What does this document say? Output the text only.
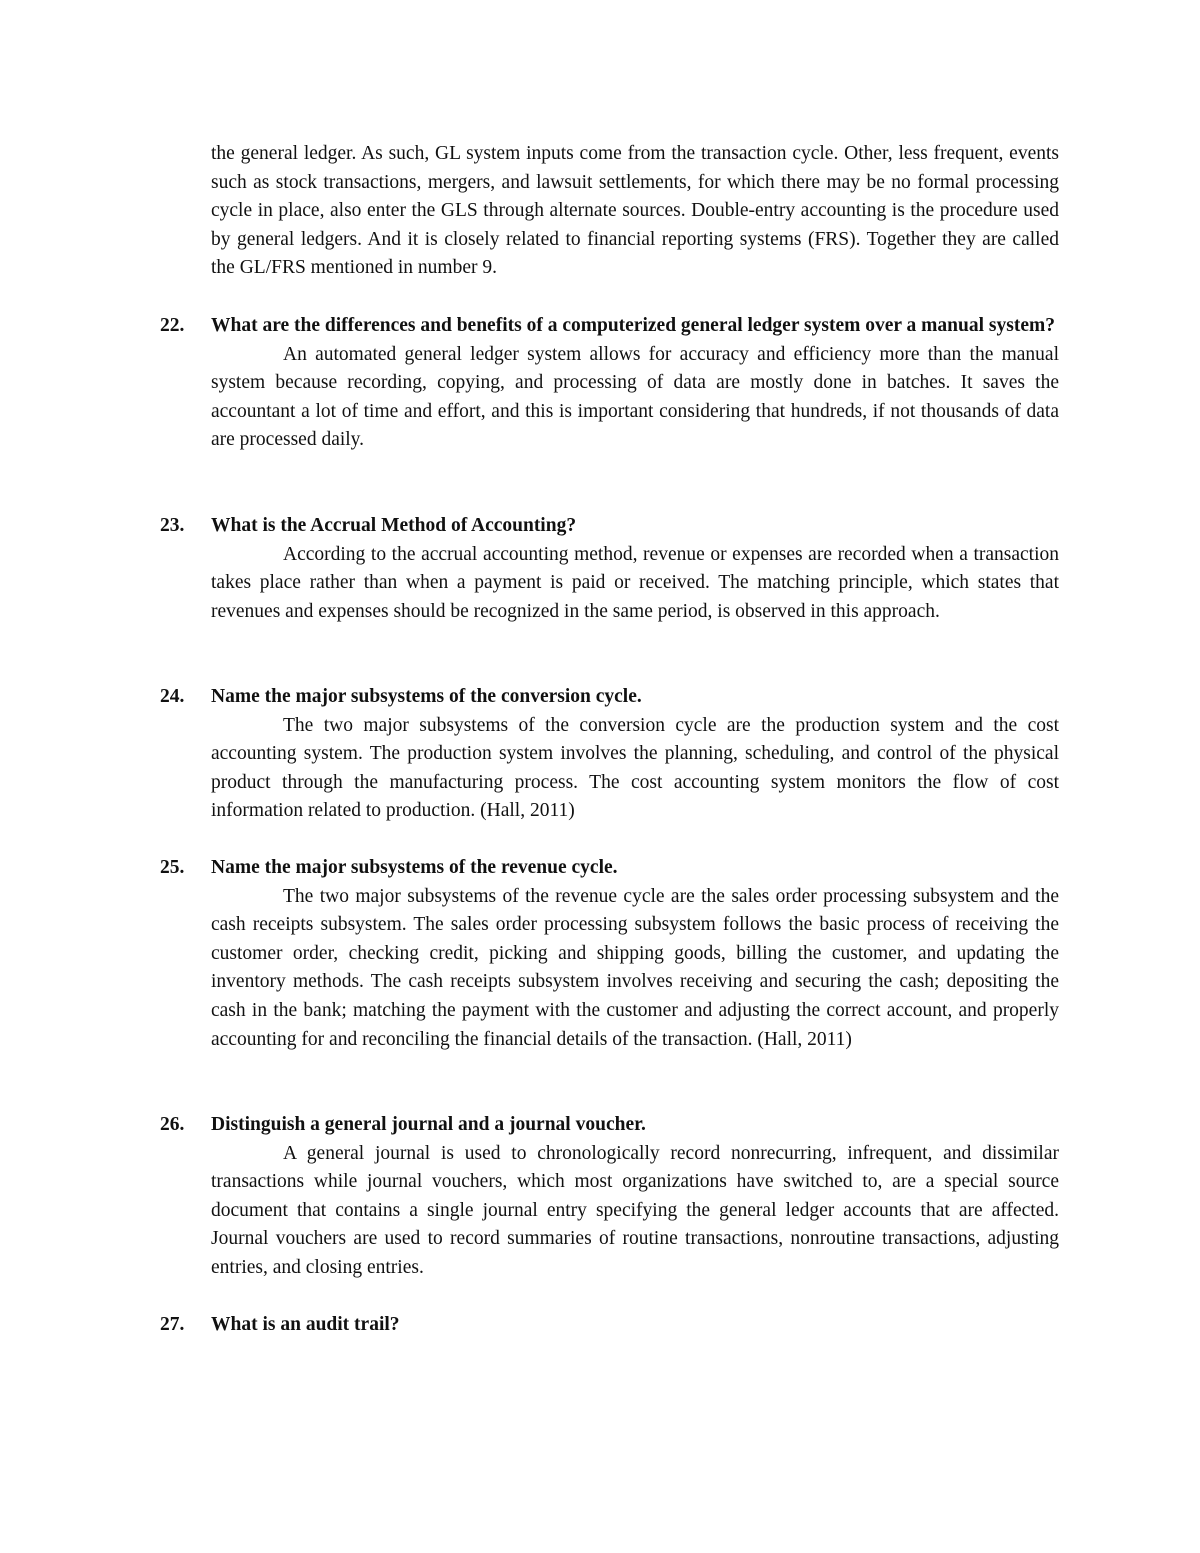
the general ledger. As such, GL system inputs come from the transaction cycle. Other, less frequent, events such as stock transactions, mergers, and lawsuit settlements, for which there may be no formal processing cycle in place, also enter the GLS through alternate sources. Double-entry accounting is the procedure used by general ledgers. And it is closely related to financial reporting systems (FRS). Together they are called the GL/FRS mentioned in number 9.

22.	What are the differences and benefits of a computerized general ledger system over a manual system?

An automated general ledger system allows for accuracy and efficiency more than the manual system because recording, copying, and processing of data are mostly done in batches. It saves the accountant a lot of time and effort, and this is important considering that hundreds, if not thousands of data are processed daily.

23.	What is the Accrual Method of Accounting?

According to the accrual accounting method, revenue or expenses are recorded when a transaction takes place rather than when a payment is paid or received. The matching principle, which states that revenues and expenses should be recognized in the same period, is observed in this approach.

24.	Name the major subsystems of the conversion cycle.

The two major subsystems of the conversion cycle are the production system and the cost accounting system. The production system involves the planning, scheduling, and control of the physical product through the manufacturing process. The cost accounting system monitors the flow of cost information related to production. (Hall, 2011)

25.	Name the major subsystems of the revenue cycle.

The two major subsystems of the revenue cycle are the sales order processing subsystem and the cash receipts subsystem. The sales order processing subsystem follows the basic process of receiving the customer order, checking credit, picking and shipping goods, billing the customer, and updating the inventory methods. The cash receipts subsystem involves receiving and securing the cash; depositing the cash in the bank; matching the payment with the customer and adjusting the correct account, and properly accounting for and reconciling the financial details of the transaction. (Hall, 2011)

26.	Distinguish a general journal and a journal voucher.

A general journal is used to chronologically record nonrecurring, infrequent, and dissimilar transactions while journal vouchers, which most organizations have switched to, are a special source document that contains a single journal entry specifying the general ledger accounts that are affected. Journal vouchers are used to record summaries of routine transactions, nonroutine transactions, adjusting entries, and closing entries.

27.	What is an audit trail?
